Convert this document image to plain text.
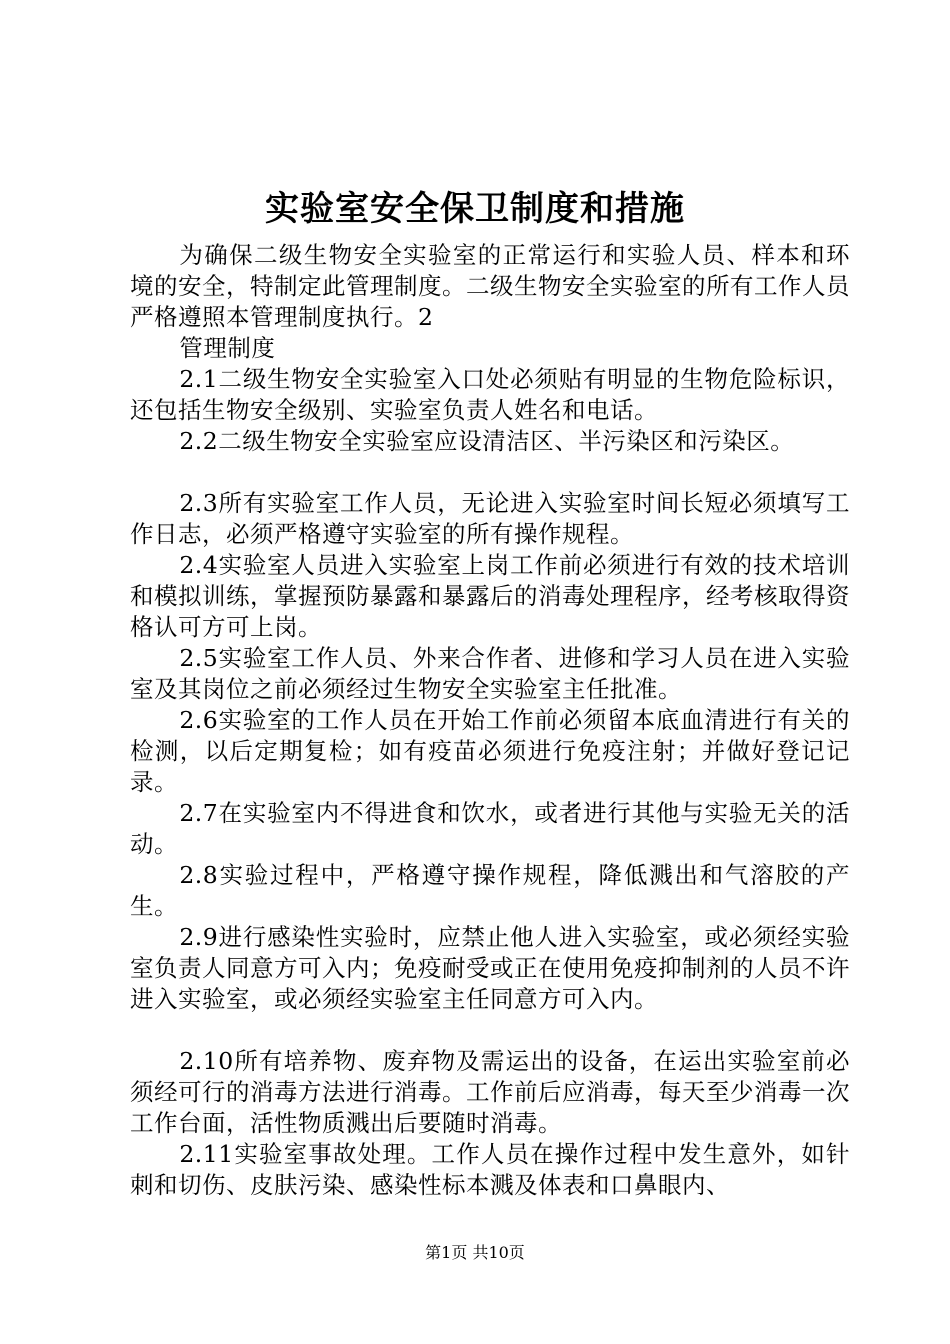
实验室安全保卫制度和措施

为确保二级生物安全实验室的正常运行和实验人员、样本和环境的安全，特制定此管理制度。二级生物安全实验室的所有工作人员严格遵照本管理制度执行。2

管理制度

2.1二级生物安全实验室入口处必须贴有明显的生物危险标识，还包括生物安全级别、实验室负责人姓名和电话。

2.2二级生物安全实验室应设清洁区、半污染区和污染区。

2.3所有实验室工作人员，无论进入实验室时间长短必须填写工作日志，必须严格遵守实验室的所有操作规程。

2.4实验室人员进入实验室上岗工作前必须进行有效的技术培训和模拟训练，掌握预防暴露和暴露后的消毒处理程序，经考核取得资格认可方可上岗。

2.5实验室工作人员、外来合作者、进修和学习人员在进入实验室及其岗位之前必须经过生物安全实验室主任批准。

2.6实验室的工作人员在开始工作前必须留本底血清进行有关的检测，以后定期复检；如有疫苗必须进行免疫注射；并做好登记记录。

2.7在实验室内不得进食和饮水，或者进行其他与实验无关的活动。

2.8实验过程中，严格遵守操作规程，降低溅出和气溶胶的产生。

2.9进行感染性实验时，应禁止他人进入实验室，或必须经实验室负责人同意方可入内；免疫耐受或正在使用免疫抑制剂的人员不许进入实验室，或必须经实验室主任同意方可入内。

2.10所有培养物、废弃物及需运出的设备，在运出实验室前必须经可行的消毒方法进行消毒。工作前后应消毒，每天至少消毒一次工作台面，活性物质溅出后要随时消毒。

2.11实验室事故处理。工作人员在操作过程中发生意外，如针刺和切伤、皮肤污染、感染性标本溅及体表和口鼻眼内、

第1页 共10页
